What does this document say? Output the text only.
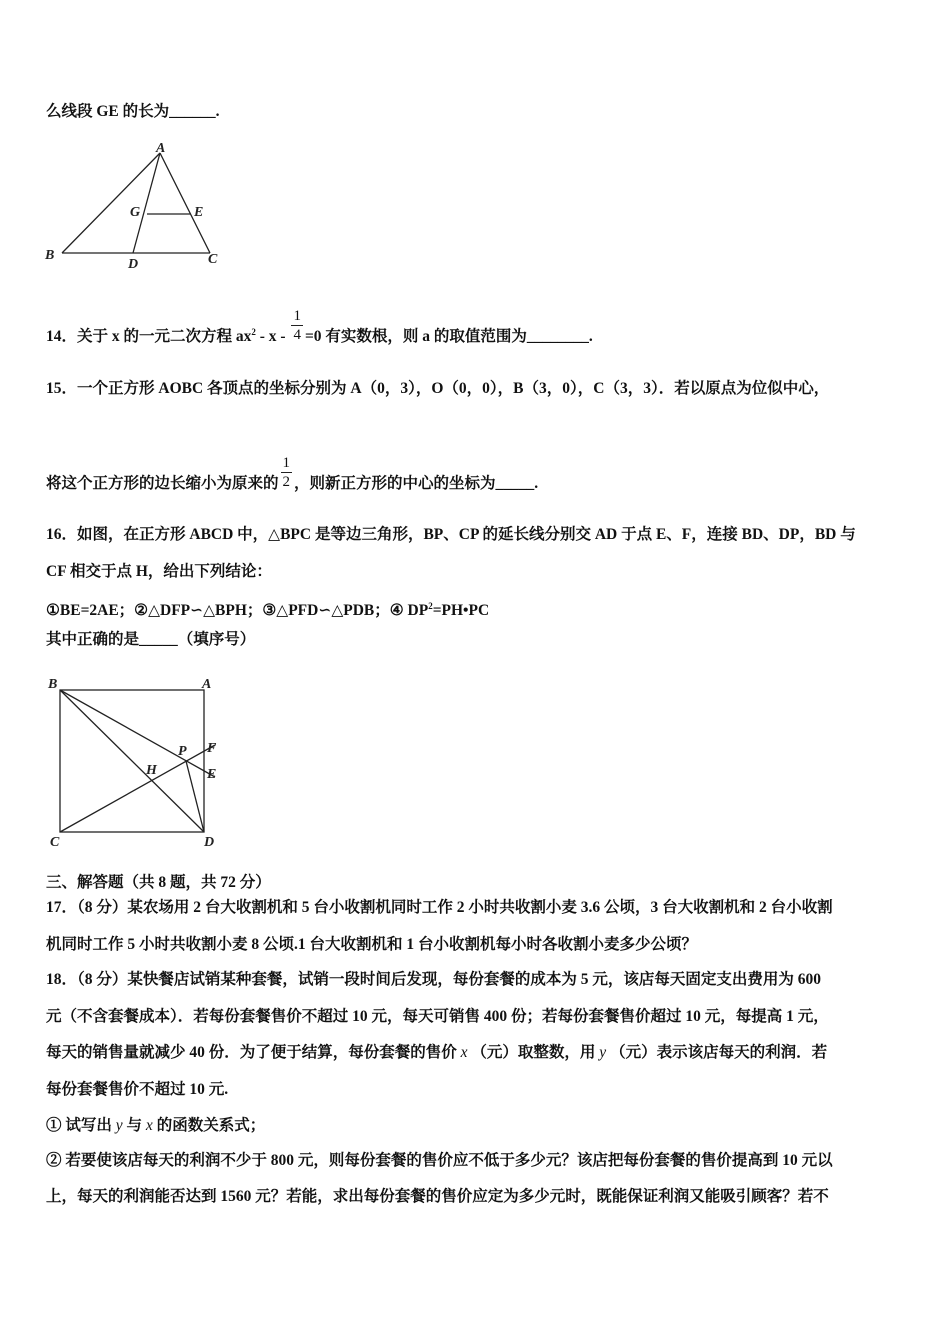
么线段 GE 的长为______.
A
G	E
B
D	C
14．关于 x 的一元二次方程 $ax^2 - x - \frac{1}{4} =0$ 有实数根，则 a 的取值范围为________.
15．一个正方形 AOBC 各顶点的坐标分别为 A（0，3），O（0，0），B（3，0），C（3，3）．若以原点为位似中心，
将这个正方形的边长缩小为原来的 $\frac{1}{2}$ ，则新正方形的中心的坐标为_____.
16．如图，在正方形 ABCD 中，△BPC 是等边三角形，BP、CP 的延长线分别交 AD 于点 E、F，连接 BD、DP，BD 与
CF 相交于点 H，给出下列结论：
①BE=2AE；②△DFP∽△BPH；③△PFD∽△PDB；④ $DP^2=PH•PC$
其中正确的是_____（填序号）
B	A
P F
E
H
C	D
三、解答题（共 8 题，共 72 分）
17．（8 分）某农场用 2 台大收割机和 5 台小收割机同时工作 2 小时共收割小麦 3.6 公顷，3 台大收割机和 2 台小收割
机同时工作 5 小时共收割小麦 8 公顷.1 台大收割机和 1 台小收割机每小时各收割小麦多少公顷？
18．（8 分）某快餐店试销某种套餐，试销一段时间后发现，每份套餐的成本为 5 元，该店每天固定支出费用为 600
元（不含套餐成本）．若每份套餐售价不超过 10 元，每天可销售 400 份；若每份套餐售价超过 10 元，每提高 1 元，
每天的销售量就减少 40 份．为了便于结算，每份套餐的售价 x （元）取整数，用 y （元）表示该店每天的利润．若
每份套餐售价不超过 10 元.
① 试写出 y 与 x 的函数关系式；
② 若要使该店每天的利润不少于 800 元，则每份套餐的售价应不低于多少元？该店把每份套餐的售价提高到 10 元以
上，每天的利润能否达到 1560 元？若能，求出每份套餐的售价应定为多少元时，既能保证利润又能吸引顾客？若不
